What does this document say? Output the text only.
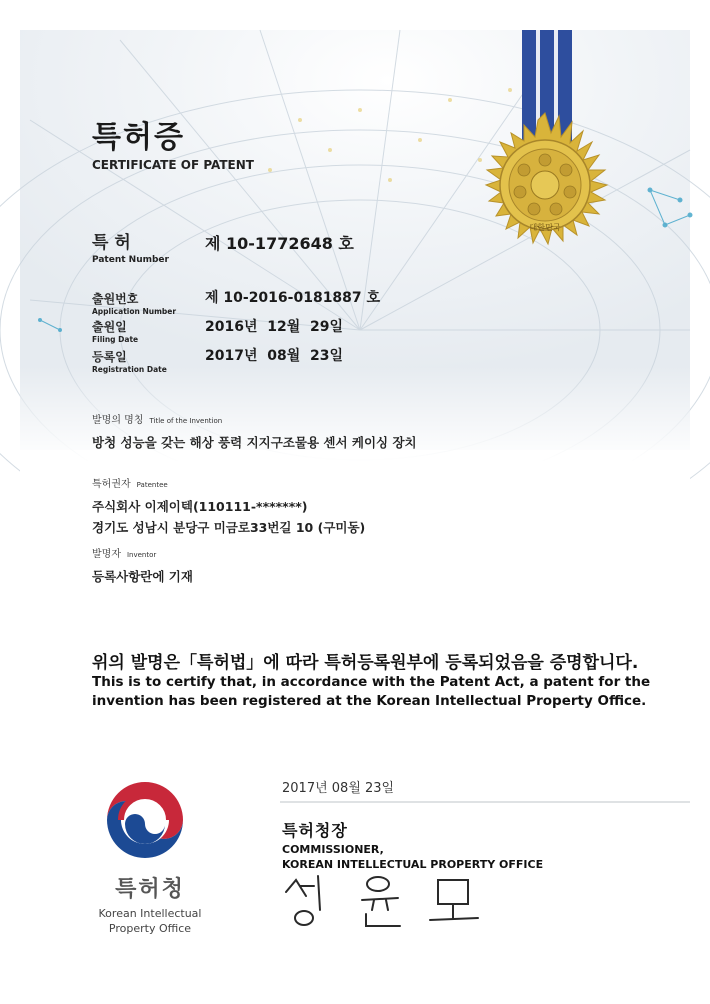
대한민국
특허증
CERTIFICATE OF PATENT
특 허
Patent Number
제 10-1772648 호
출원번호
Application Number
제 10-2016-0181887 호
출원일
Filing Date
2016년  12월  29일
등록일
Registration Date
2017년  08월  23일
발명의 명칭 Title of the Invention
방청 성능을 갖는 해상 풍력 지지구조물용 센서 케이싱 장치
특허권자 Patentee
주식회사 이제이텍(110111-*******)
경기도 성남시 분당구 미금로33번길 10 (구미동)
발명자 Inventor
등록사항란에 기재
위의 발명은「특허법」에 따라 특허등록원부에 등록되었음을 증명합니다.
This is to certify that, in accordance with the Patent Act, a patent for the invention has been registered at the Korean Intellectual Property Office.
2017년 08월 23일
특허청장
COMMISSIONER,
KOREAN INTELLECTUAL PROPERTY OFFICE
특허청
Korean Intellectual
Property Office
